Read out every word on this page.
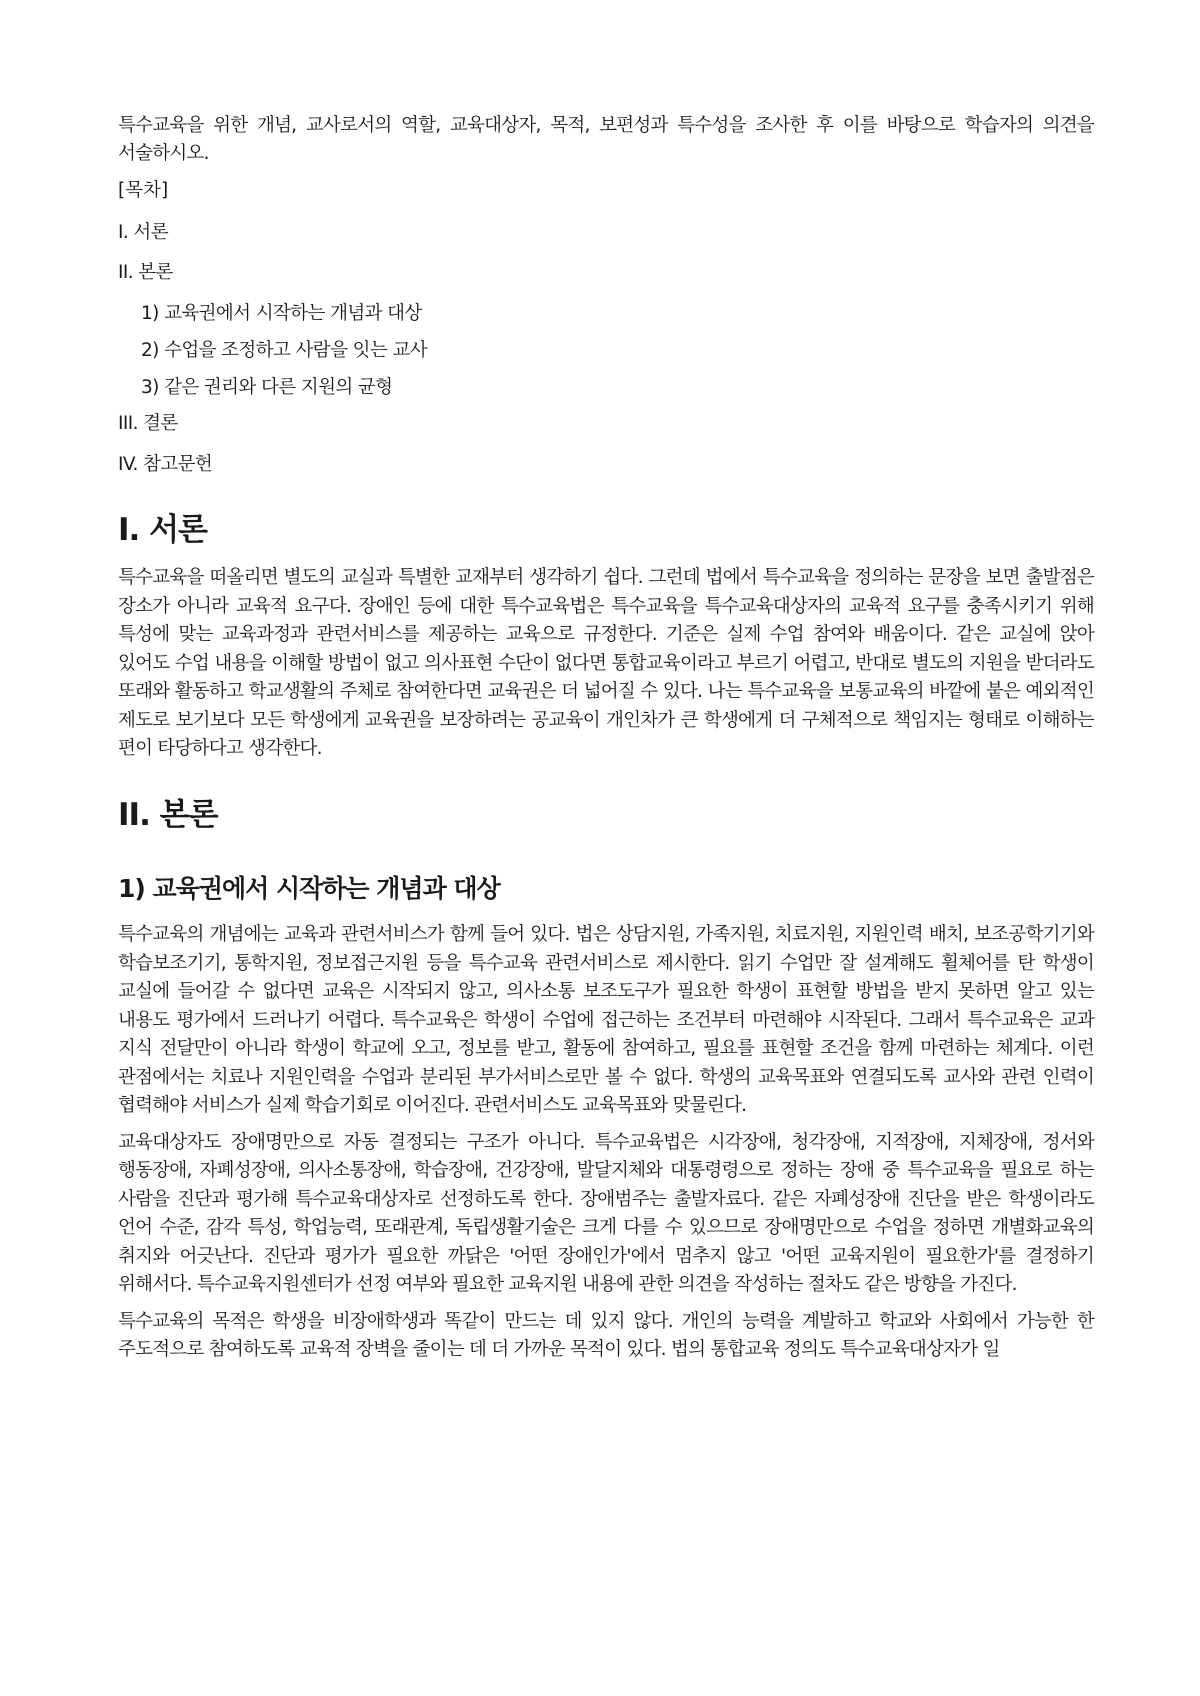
특수교육을 위한 개념, 교사로서의 역할, 교육대상자, 목적, 보편성과 특수성을 조사한 후 이를 바탕으로 학습자의 의견을 서술하시오.

[목차]
I. 서론
II. 본론
1) 교육권에서 시작하는 개념과 대상
2) 수업을 조정하고 사람을 잇는 교사
3) 같은 권리와 다른 지원의 균형
III. 결론
IV. 참고문헌
I. 서론

특수교육을 떠올리면 별도의 교실과 특별한 교재부터 생각하기 쉽다. 그런데 법에서 특수교육을 정의하는 문장을 보면 출발점은 장소가 아니라 교육적 요구다. 장애인 등에 대한 특수교육법은 특수교육을 특수교육대상자의 교육적 요구를 충족시키기 위해 특성에 맞는 교육과정과 관련서비스를 제공하는 교육으로 규정한다. 기준은 실제 수업 참여와 배움이다. 같은 교실에 앉아 있어도 수업 내용을 이해할 방법이 없고 의사표현 수단이 없다면 통합교육이라고 부르기 어렵고, 반대로 별도의 지원을 받더라도 또래와 활동하고 학교생활의 주체로 참여한다면 교육권은 더 넓어질 수 있다. 나는 특수교육을 보통교육의 바깥에 붙은 예외적인 제도로 보기보다 모든 학생에게 교육권을 보장하려는 공교육이 개인차가 큰 학생에게 더 구체적으로 책임지는 형태로 이해하는 편이 타당하다고 생각한다.

II. 본론
1) 교육권에서 시작하는 개념과 대상

특수교육의 개념에는 교육과 관련서비스가 함께 들어 있다. 법은 상담지원, 가족지원, 치료지원, 지원인력 배치, 보조공학기기와 학습보조기기, 통학지원, 정보접근지원 등을 특수교육 관련서비스로 제시한다. 읽기 수업만 잘 설계해도 휠체어를 탄 학생이 교실에 들어갈 수 없다면 교육은 시작되지 않고, 의사소통 보조도구가 필요한 학생이 표현할 방법을 받지 못하면 알고 있는 내용도 평가에서 드러나기 어렵다. 특수교육은 학생이 수업에 접근하는 조건부터 마련해야 시작된다. 그래서 특수교육은 교과 지식 전달만이 아니라 학생이 학교에 오고, 정보를 받고, 활동에 참여하고, 필요를 표현할 조건을 함께 마련하는 체계다. 이런 관점에서는 치료나 지원인력을 수업과 분리된 부가서비스로만 볼 수 없다. 학생의 교육목표와 연결되도록 교사와 관련 인력이 협력해야 서비스가 실제 학습기회로 이어진다. 관련서비스도 교육목표와 맞물린다.

교육대상자도 장애명만으로 자동 결정되는 구조가 아니다. 특수교육법은 시각장애, 청각장애, 지적장애, 지체장애, 정서와 행동장애, 자폐성장애, 의사소통장애, 학습장애, 건강장애, 발달지체와 대통령령으로 정하는 장애 중 특수교육을 필요로 하는 사람을 진단과 평가해 특수교육대상자로 선정하도록 한다. 장애범주는 출발자료다. 같은 자폐성장애 진단을 받은 학생이라도 언어 수준, 감각 특성, 학업능력, 또래관계, 독립생활기술은 크게 다를 수 있으므로 장애명만으로 수업을 정하면 개별화교육의 취지와 어긋난다. 진단과 평가가 필요한 까닭은 '어떤 장애인가'에서 멈추지 않고 '어떤 교육지원이 필요한가'를 결정하기 위해서다. 특수교육지원센터가 선정 여부와 필요한 교육지원 내용에 관한 의견을 작성하는 절차도 같은 방향을 가진다.

특수교육의 목적은 학생을 비장애학생과 똑같이 만드는 데 있지 않다. 개인의 능력을 계발하고 학교와 사회에서 가능한 한 주도적으로 참여하도록 교육적 장벽을 줄이는 데 더 가까운 목적이 있다. 법의 통합교육 정의도 특수교육대상자가 일
